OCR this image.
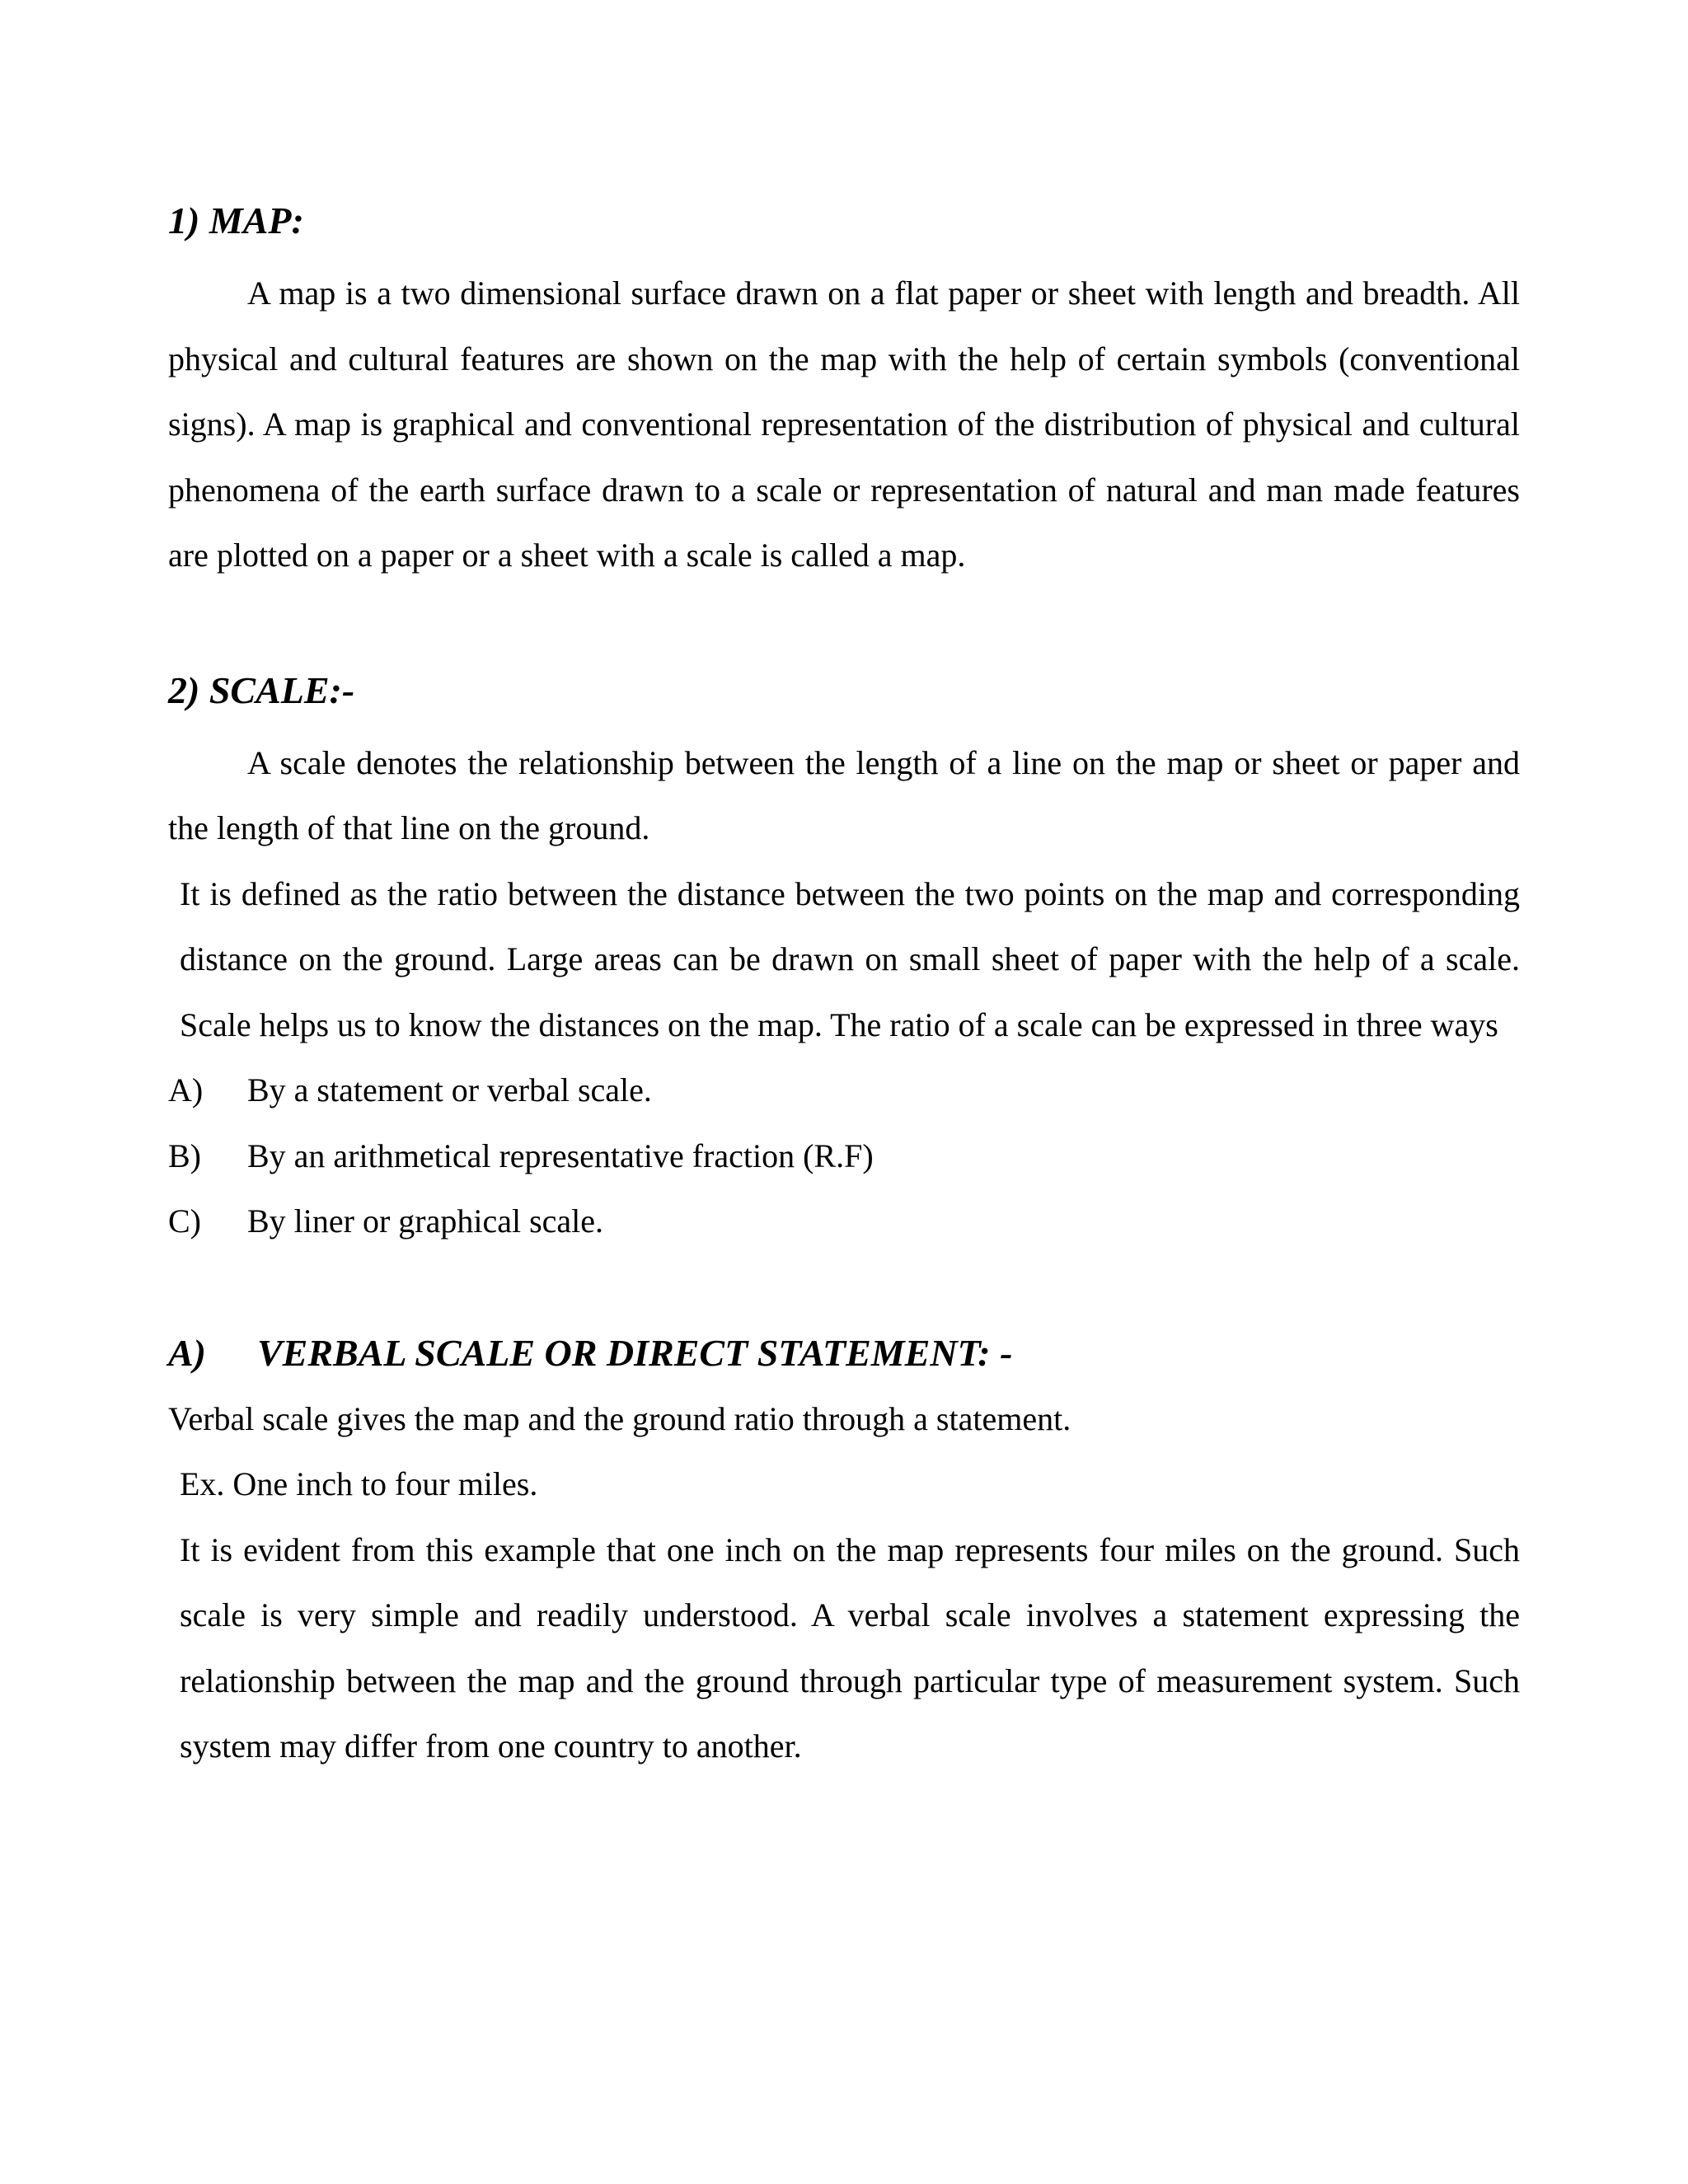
1) MAP:

A map is a two dimensional surface drawn on a flat paper or sheet with length and breadth. All physical and cultural features are shown on the map with the help of certain symbols (conventional signs). A map is graphical and conventional representation of the distribution of physical and cultural phenomena of the earth surface drawn to a scale or representation of natural and man made features are plotted on a paper or a sheet with a scale is called a map.

2) SCALE:-

A scale denotes the relationship between the length of a line on the map or sheet or paper and the length of that line on the ground.

It is defined as the ratio between the distance between the two points on the map and corresponding distance on the ground. Large areas can be drawn on small sheet of paper with the help of a scale. Scale helps us to know the distances on the map. The ratio of a scale can be expressed in three ways

A)	By a statement or verbal scale.
B)	By an arithmetical representative fraction (R.F)
C)	By liner or graphical scale.
A) VERBAL SCALE OR DIRECT STATEMENT: -

Verbal scale gives the map and the ground ratio through a statement.

Ex. One inch to four miles.

It is evident from this example that one inch on the map represents four miles on the ground. Such scale is very simple and readily understood. A verbal scale involves a statement expressing the relationship between the map and the ground through particular type of measurement system. Such system may differ from one country to another.
